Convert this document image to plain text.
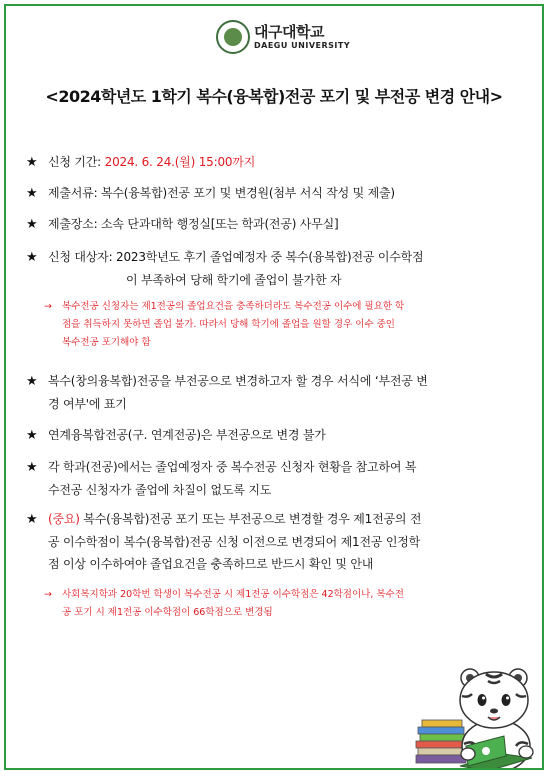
대구대학교
DAEGU UNIVERSITY
<2024학년도 1학기 복수(융복합)전공 포기 및 부전공 변경 안내>
★ 신청 기간: 2024. 6. 24.(월) 15:00까지
★ 제출서류: 복수(융복합)전공 포기 및 변경원(첨부 서식 작성 및 제출)
★ 제출장소: 소속 단과대학 행정실[또는 학과(전공) 사무실]
★ 신청 대상자: 2023학년도 후기 졸업예정자 중 복수(융복합)전공 이수학점
이 부족하여 당해 학기에 졸업이 불가한 자
→ 복수전공 신청자는 제1전공의 졸업요건을 충족하더라도 복수전공 이수에 필요한 학
점을 취득하지 못하면 졸업 불가. 따라서 당해 학기에 졸업을 원할 경우 이수 중인
복수전공 포기해야 함
★ 복수(창의융복합)전공을 부전공으로 변경하고자 할 경우 서식에 ‘부전공 변
경 여부'에 표기
★ 연계융복합전공(구. 연계전공)은 부전공으로 변경 불가
★ 각 학과(전공)에서는 졸업예정자 중 복수전공 신청자 현황을 참고하여 복
수전공 신청자가 졸업에 차질이 없도록 지도
★ (중요) 복수(융복합)전공 포기 또는 부전공으로 변경할 경우 제1전공의 전
공 이수학점이 복수(융복합)전공 신청 이전으로 변경되어 제1전공 인정학
점 이상 이수하여야 졸업요건을 충족하므로 반드시 확인 및 안내
→ 사회복지학과 20학번 학생이 복수전공 시 제1전공 이수학점은 42학점이나, 복수전
공 포기 시 제1전공 이수학점이 66학점으로 변경됨
